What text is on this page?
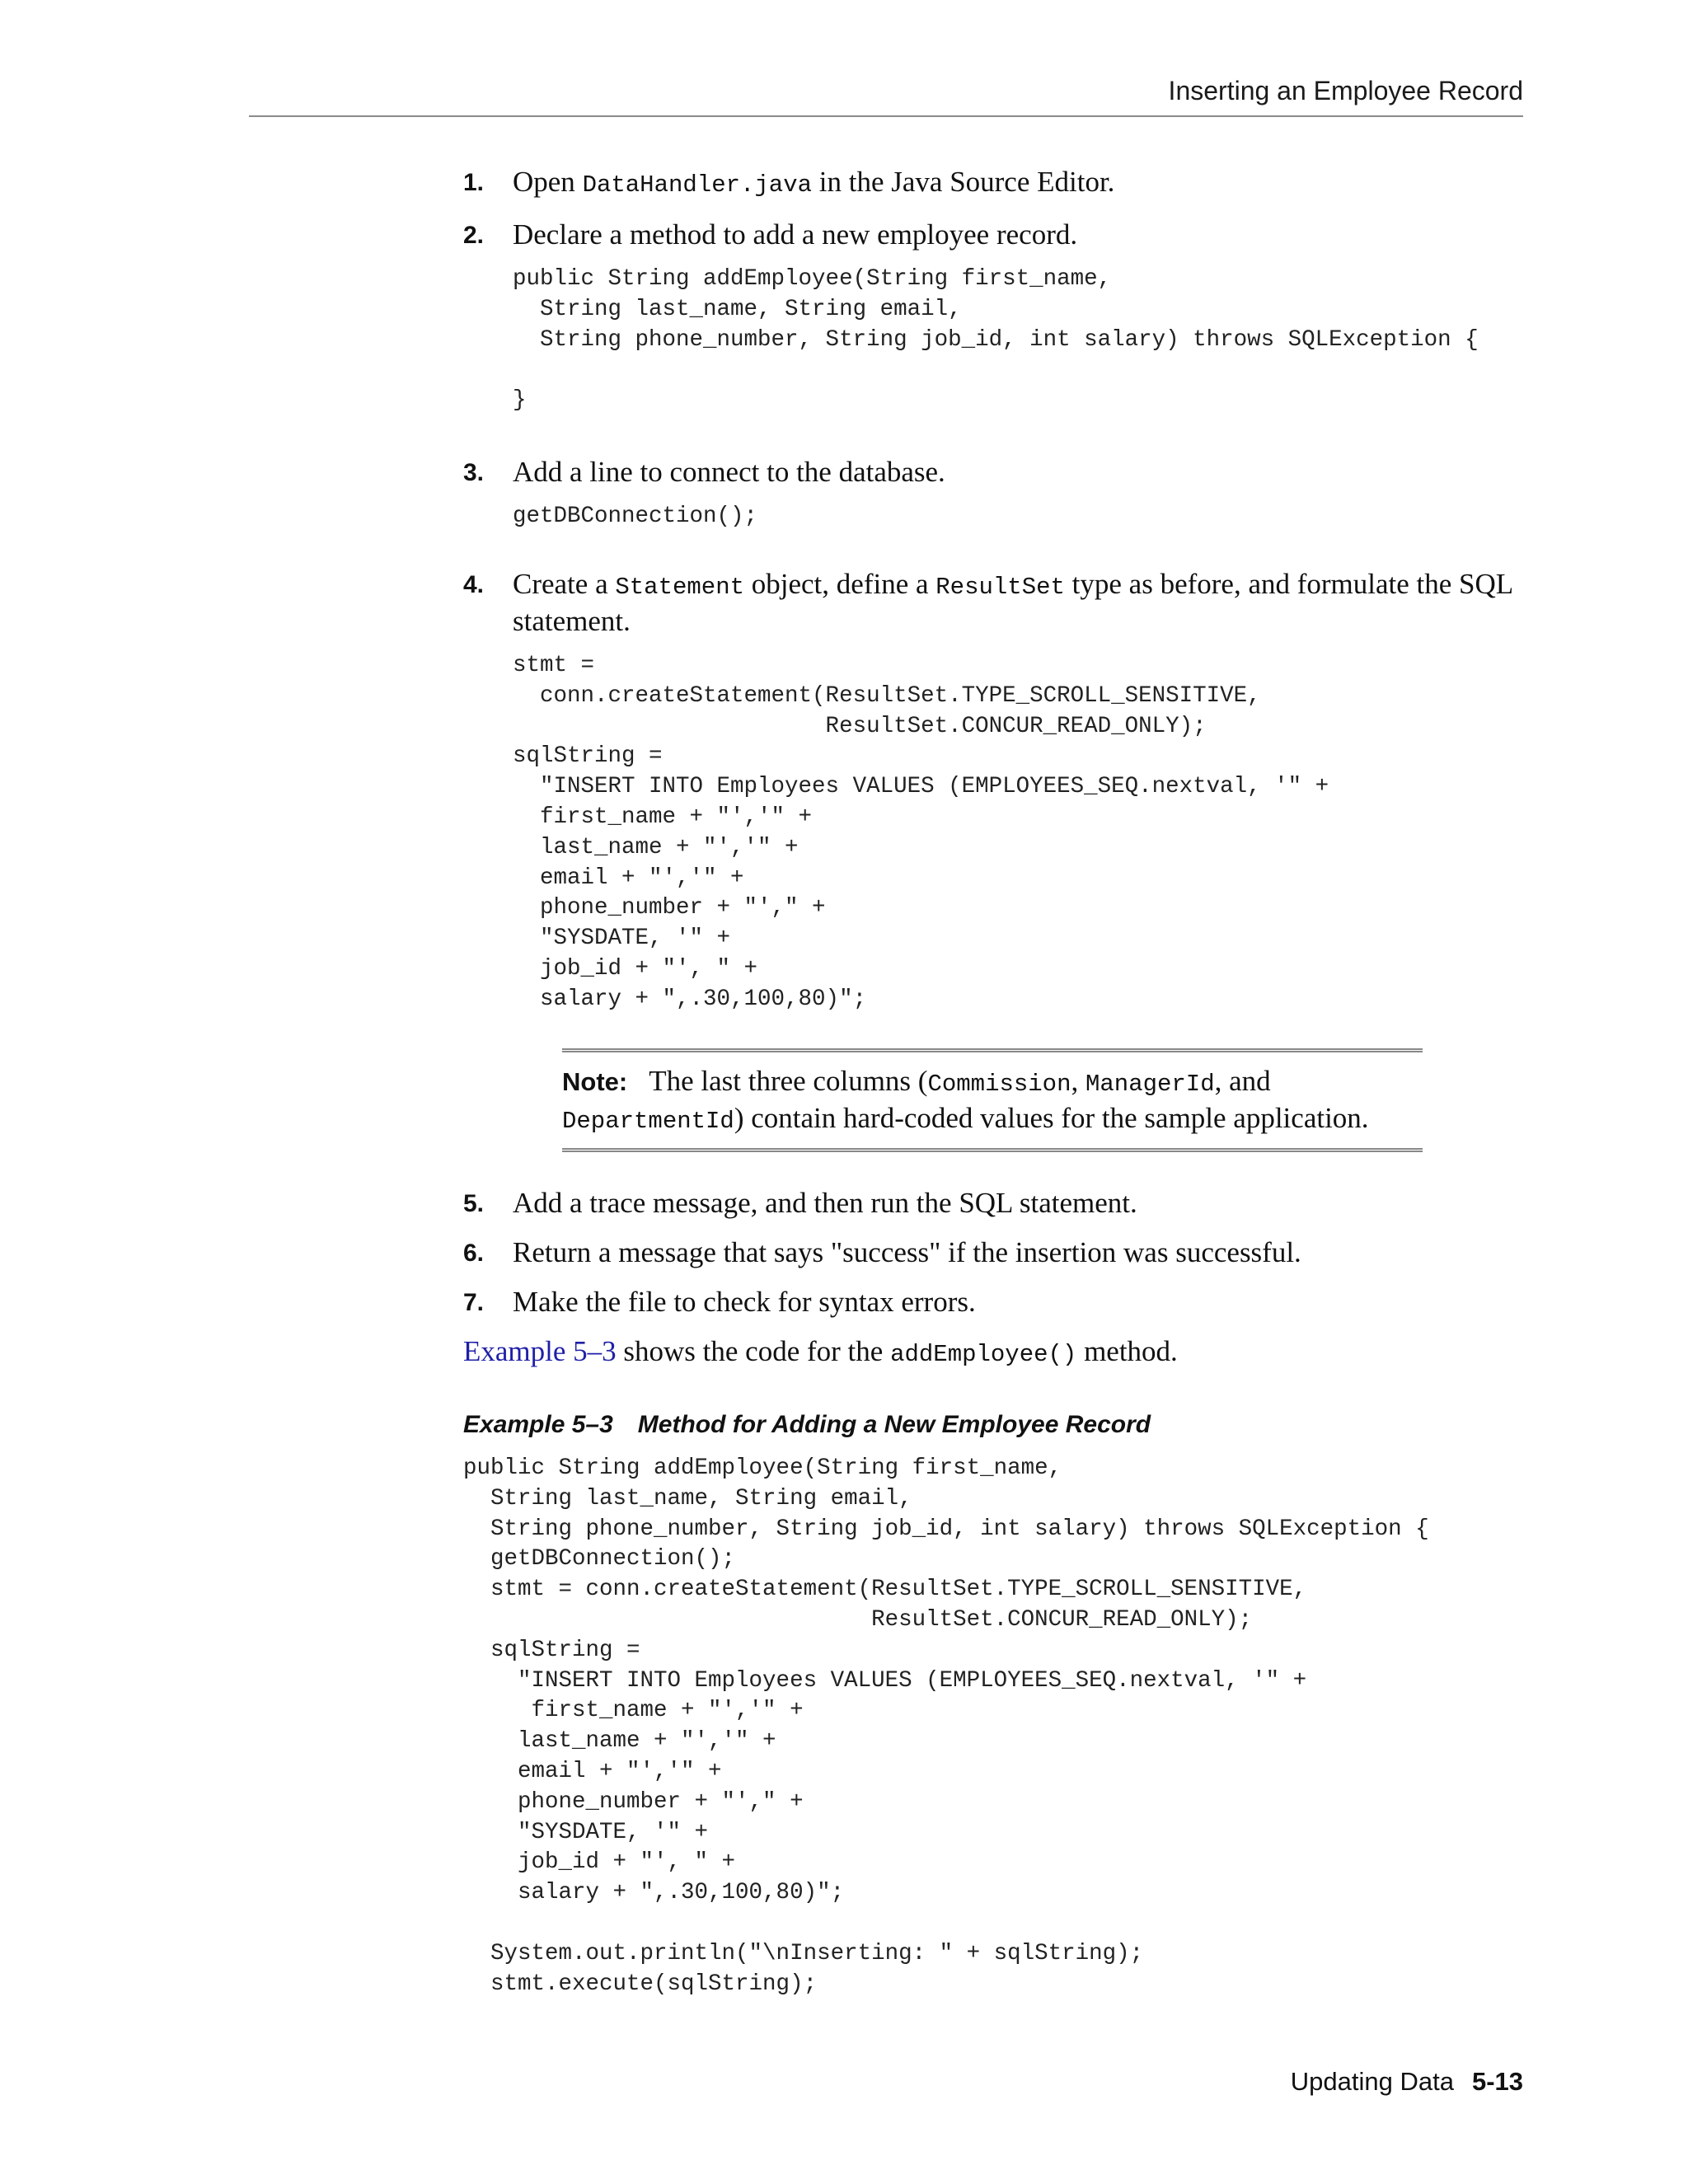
Inserting an Employee Record
1. Open DataHandler.java in the Java Source Editor.
2. Declare a method to add a new employee record.
public String addEmployee(String first_name,
String last_name, String email,
String phone_number, String job_id, int salary) throws SQLException {

}
3. Add a line to connect to the database.
getDBConnection();
4. Create a Statement object, define a ResultSet type as before, and formulate the SQL statement.
stmt =
conn.createStatement(ResultSet.TYPE_SCROLL_SENSITIVE,
ResultSet.CONCUR_READ_ONLY);
sqlString =
"INSERT INTO Employees VALUES (EMPLOYEES_SEQ.nextval, '" +
first_name + "','" +
last_name + "','" +
email + "','" +
phone_number + "'," +
"SYSDATE, '" +
job_id + "', " +
salary + ",.30,100,80)";
Note: The last three columns (Commission, ManagerId, and
DepartmentId) contain hard-coded values for the sample application.
5. Add a trace message, and then run the SQL statement.
6. Return a message that says "success" if the insertion was successful.
7. Make the file to check for syntax errors.
Example 5–3 shows the code for the addEmployee() method.
Example 5–3 Method for Adding a New Employee Record
public String addEmployee(String first_name,
String last_name, String email,
String phone_number, String job_id, int salary) throws SQLException {
getDBConnection();
stmt = conn.createStatement(ResultSet.TYPE_SCROLL_SENSITIVE,
ResultSet.CONCUR_READ_ONLY);
sqlString =
"INSERT INTO Employees VALUES (EMPLOYEES_SEQ.nextval, '" +
first_name + "','" +
last_name + "','" +
email + "','" +
phone_number + "'," +
"SYSDATE, '" +
job_id + "', " +
salary + ",.30,100,80)";

System.out.println("\nInserting: " + sqlString);
stmt.execute(sqlString);
Updating Data 5-13
